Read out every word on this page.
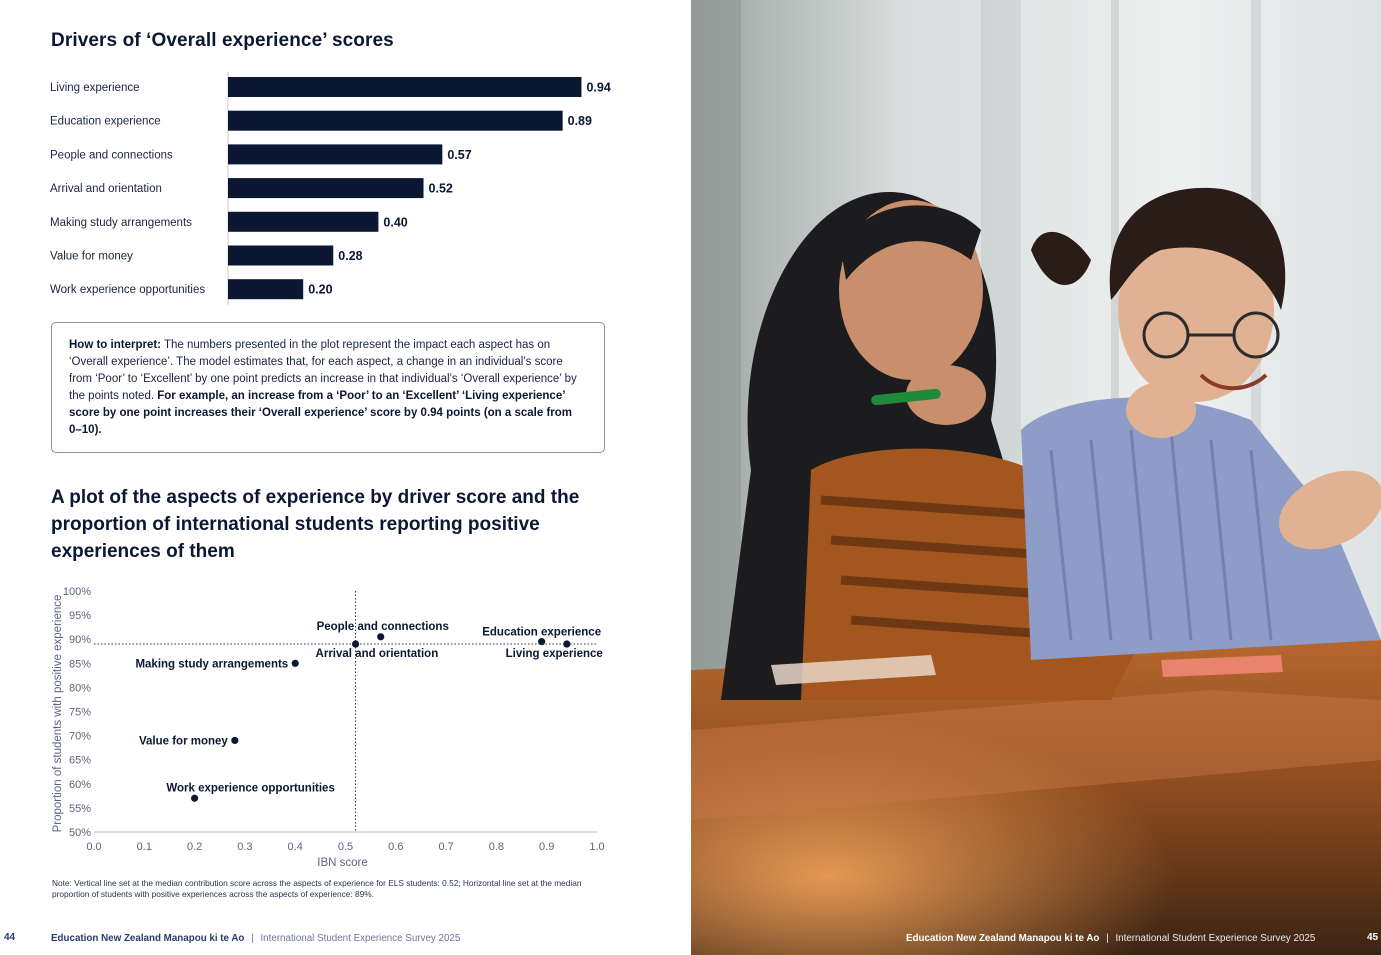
Drivers of ‘Overall experience’ scores
Living experience	0.94
Education experience	0.89
People and connections	0.57
Arrival and orientation	0.52
Making study arrangements	0.40
Value for money	0.28
Work experience opportunities	0.20
How to interpret: The numbers presented in the plot represent the impact each aspect has on ‘Overall experience’. The model estimates that, for each aspect, a change in an individual’s score from ‘Poor’ to ‘Excellent’ by one point predicts an increase in that individual’s ‘Overall experience’ by the points noted. For example, an increase from a ‘Poor’ to an ‘Excellent’ ‘Living experience’ score by one point increases their ‘Overall experience’ score by 0.94 points (on a scale from 0–10).
A plot of the aspects of experience by driver score and the proportion of international students reporting positive experiences of them
0.0	0.1	0.2	0.3	0.4	0.5	0.6	0.7	0.8	0.9	1.0
50%
55%
60%
65%
70%
75%
80%
85%
90%
95%
100%
IBN score
Proportion of students with positive experience	Living experience
Education experience
People and connections
Arrival and orientation
Making study arrangements
Value for money
Work experience opportunities
Note: Vertical line set at the median contribution score across the aspects of experience for ELS students: 0.52; Horizontal line set at the median proportion of students with positive experiences across the aspects of experience: 89%.
44	Education New Zealand Manapou ki te Ao | International Student Experience Survey 2025	Education New Zealand Manapou ki te Ao | International Student Experience Survey 2025	45
